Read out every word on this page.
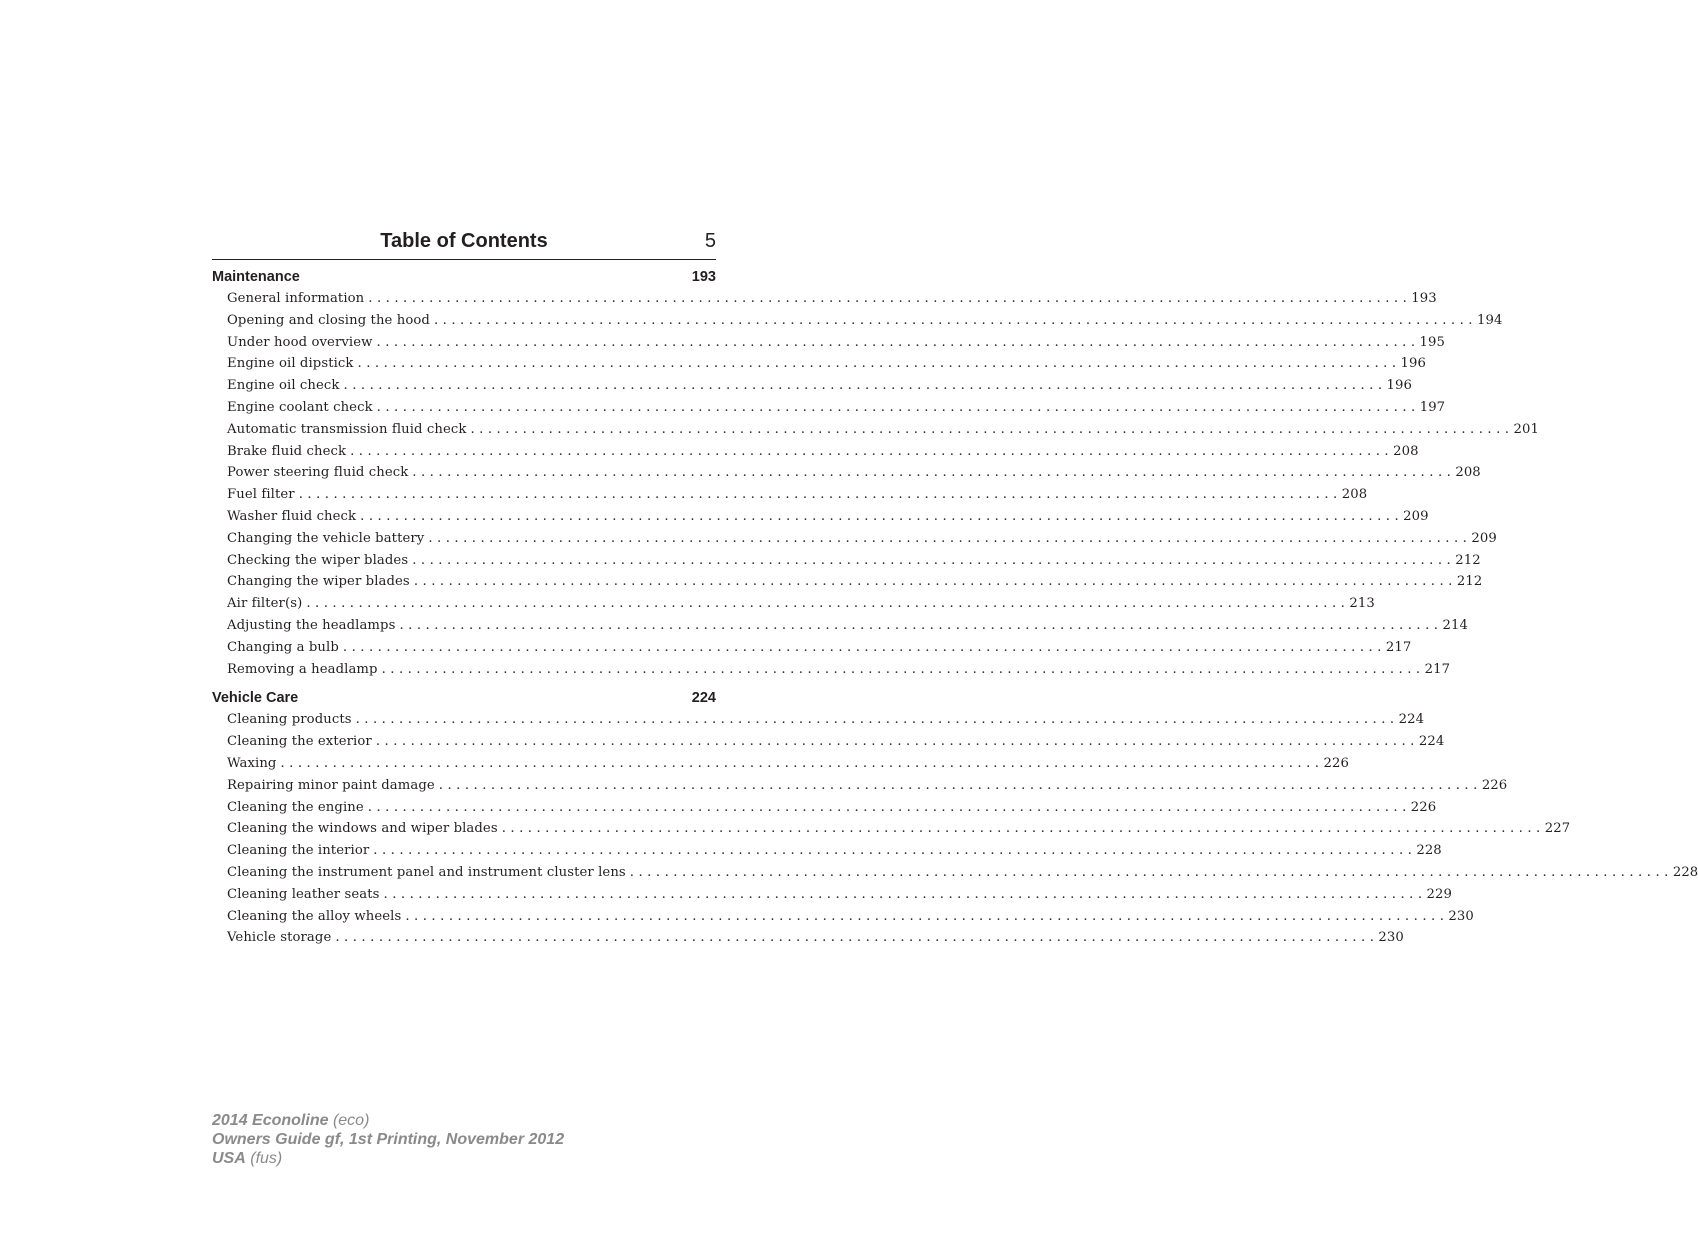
Table of Contents	5
Maintenance	193
General information ........................................................................................................................ 193
Opening and closing the hood ........................................................................................................................ 194
Under hood overview ........................................................................................................................ 195
Engine oil dipstick ........................................................................................................................ 196
Engine oil check ........................................................................................................................ 196
Engine coolant check ........................................................................................................................ 197
Automatic transmission fluid check ........................................................................................................................ 201
Brake fluid check ........................................................................................................................ 208
Power steering fluid check ........................................................................................................................ 208
Fuel filter ........................................................................................................................ 208
Washer fluid check ........................................................................................................................ 209
Changing the vehicle battery ........................................................................................................................ 209
Checking the wiper blades ........................................................................................................................ 212
Changing the wiper blades ........................................................................................................................ 212
Air filter(s) ........................................................................................................................ 213
Adjusting the headlamps ........................................................................................................................ 214
Changing a bulb ........................................................................................................................ 217
Removing a headlamp ........................................................................................................................ 217
Vehicle Care	224
Cleaning products ........................................................................................................................ 224
Cleaning the exterior ........................................................................................................................ 224
Waxing ........................................................................................................................ 226
Repairing minor paint damage ........................................................................................................................ 226
Cleaning the engine ........................................................................................................................ 226
Cleaning the windows and wiper blades ........................................................................................................................ 227
Cleaning the interior ........................................................................................................................ 228
Cleaning the instrument panel and instrument cluster lens ........................................................................................................................ 228
Cleaning leather seats ........................................................................................................................ 229
Cleaning the alloy wheels ........................................................................................................................ 230
Vehicle storage ........................................................................................................................ 230
2014 Econoline (eco)
Owners Guide gf, 1st Printing, November 2012
USA (fus)
